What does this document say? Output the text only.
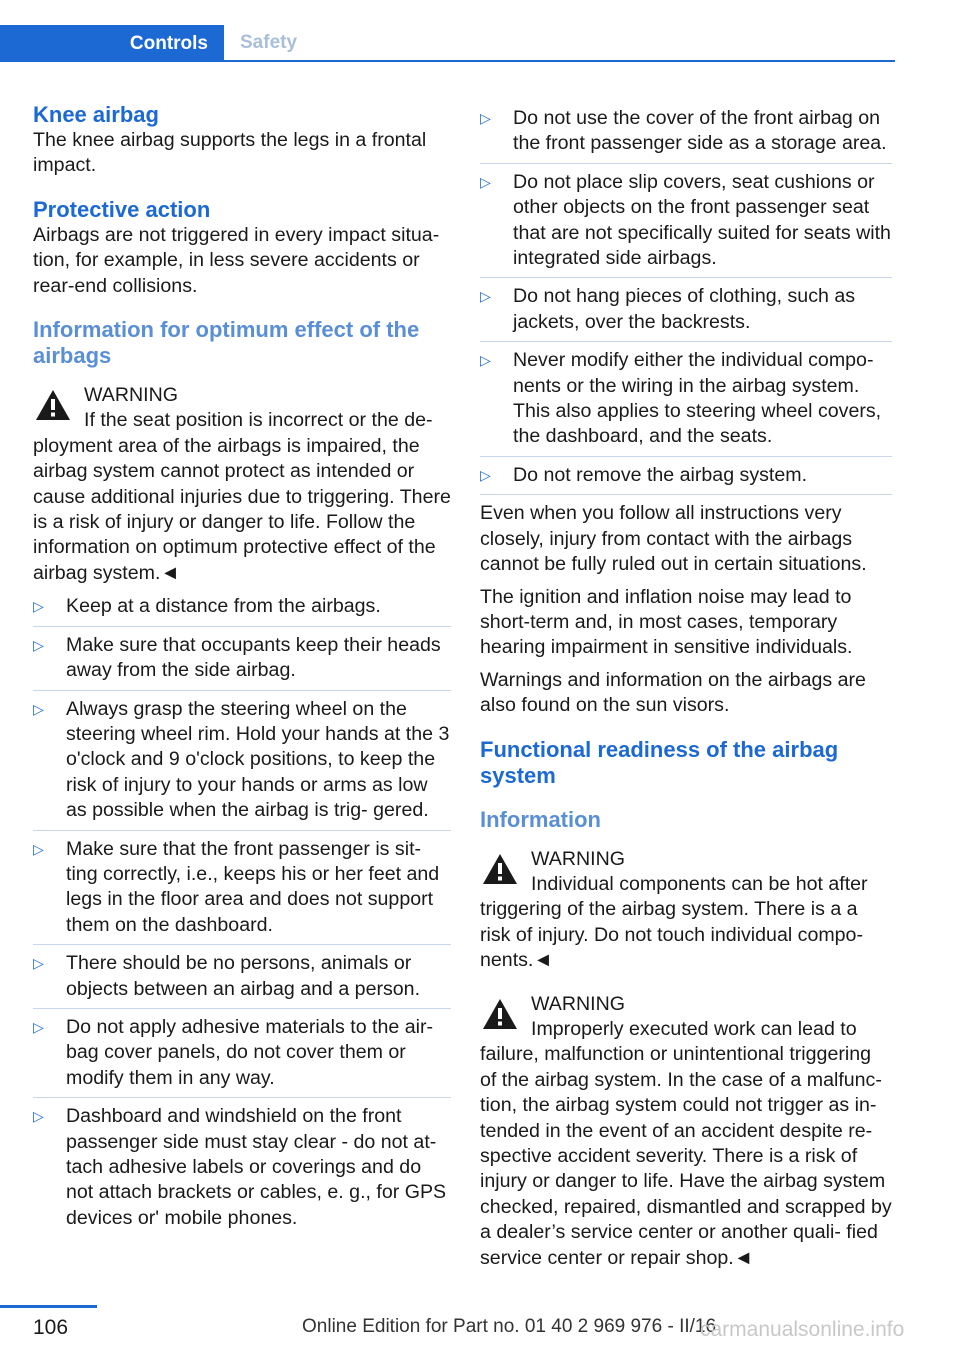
Controls	Safety
Knee airbag

The knee airbag supports the legs in a frontal impact.

Protective action

Airbags are not triggered in every impact situa‐ tion, for example, in less severe accidents or rear-end collisions.

Information for optimum effect of the airbags
WARNING

If the seat position is incorrect or the de‐ ployment area of the airbags is impaired, the airbag system cannot protect as intended or cause additional injuries due to triggering. There is a risk of injury or danger to life. Follow the information on optimum protective effect of the airbag system.◄

▷ Keep at a distance from the airbags.
▷ Make sure that occupants keep their heads away from the side airbag.
▷ Always grasp the steering wheel on the steering wheel rim. Hold your hands at the 3 o'clock and 9 o'clock positions, to keep the risk of injury to your hands or arms as low as possible when the airbag is trig‐ gered.
▷ Make sure that the front passenger is sit‐ ting correctly, i.e., keeps his or her feet and legs in the floor area and does not support them on the dashboard.
▷ There should be no persons, animals or objects between an airbag and a person.
▷ Do not apply adhesive materials to the air‐ bag cover panels, do not cover them or modify them in any way.
▷ Dashboard and windshield on the front passenger side must stay clear - do not at‐ tach adhesive labels or coverings and do not attach brackets or cables, e. g., for GPS devices or' mobile phones.
▷ Do not use the cover of the front airbag on the front passenger side as a storage area.
▷ Do not place slip covers, seat cushions or other objects on the front passenger seat that are not specifically suited for seats with integrated side airbags.
▷ Do not hang pieces of clothing, such as jackets, over the backrests.
▷ Never modify either the individual compo‐ nents or the wiring in the airbag system. This also applies to steering wheel covers, the dashboard, and the seats.
▷ Do not remove the airbag system.

Even when you follow all instructions very closely, injury from contact with the airbags cannot be fully ruled out in certain situations.

The ignition and inflation noise may lead to short-term and, in most cases, temporary hearing impairment in sensitive individuals.

Warnings and information on the airbags are also found on the sun visors.

Functional readiness of the airbag system
Information
WARNING

Individual components can be hot after triggering of the airbag system. There is a a risk of injury. Do not touch individual compo‐ nents.◄

WARNING

Improperly executed work can lead to failure, malfunction or unintentional triggering of the airbag system. In the case of a malfunc‐ tion, the airbag system could not trigger as in‐ tended in the event of an accident despite re‐ spective accident severity. There is a risk of injury or danger to life. Have the airbag system checked, repaired, dismantled and scrapped by a dealer’s service center or another quali‐ fied service center or repair shop.◄

106	Online Edition for Part no. 01 40 2 969 976 - II/16
carmanualsonline.info
